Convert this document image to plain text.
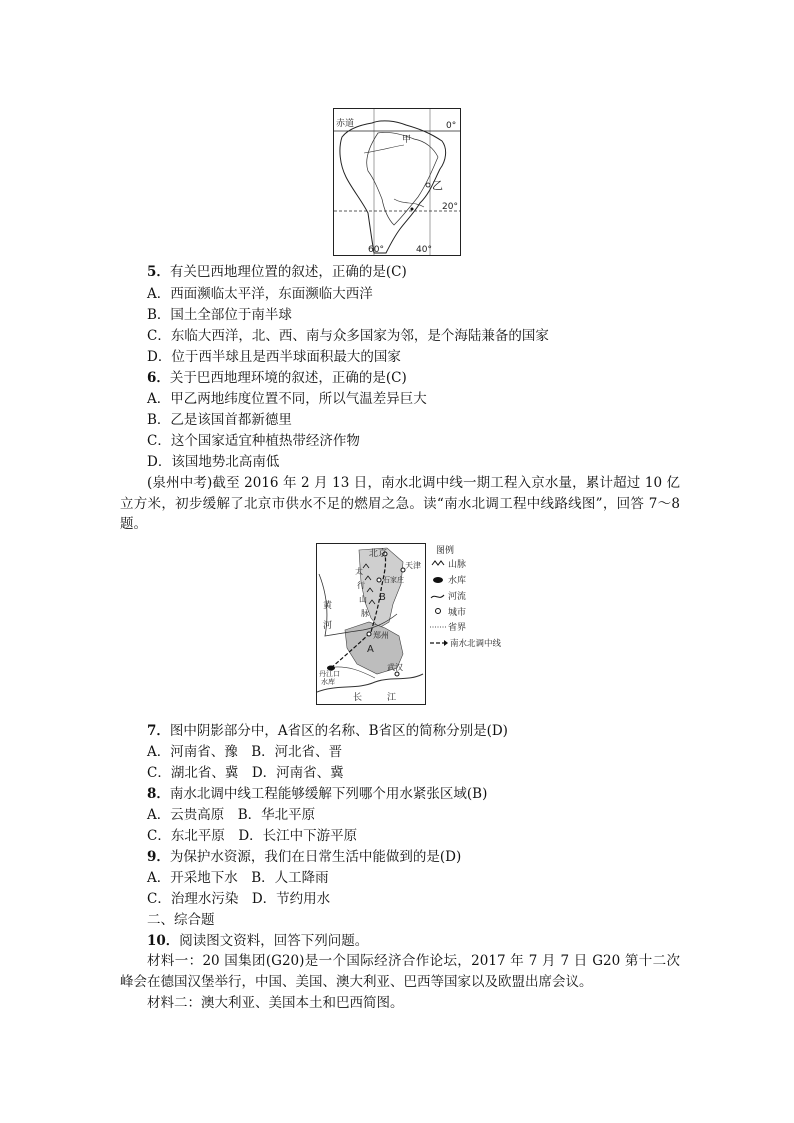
赤道	0°
甲
乙
20°
60°	40°
5．有关巴西地理位置的叙述，正确的是(C)
A．西面濒临太平洋，东面濒临大西洋
B．国土全部位于南半球
C．东临大西洋，北、西、南与众多国家为邻，是个海陆兼备的国家
D．位于西半球且是西半球面积最大的国家
6．关于巴西地理环境的叙述，正确的是(C)
A．甲乙两地纬度位置不同，所以气温差异巨大
B．乙是该国首都新德里
C．这个国家适宜种植热带经济作物
D．该国地势北高南低
(泉州中考)截至 2016 年 2 月 13 日，南水北调中线一期工程入京水量，累计超过 10 亿立方米，初步缓解了北京市供水不足的燃眉之急。读“南水北调工程中线路线图”，回答 7～8 题。
北京
天津
石家庄
太
行
山
脉
B
A
黄
河
郑州
武汉
丹江口
水库
长	江
图例
山脉
水库
河流
城市
省界
南水北调中线
7．图中阴影部分中，A省区的名称、B省区的简称分别是(D)
A．河南省、豫　B．河北省、晋
C．湖北省、冀　D．河南省、冀
8．南水北调中线工程能够缓解下列哪个用水紧张区域(B)
A．云贵高原　B．华北平原
C．东北平原　D．长江中下游平原
9．为保护水资源，我们在日常生活中能做到的是(D)
A．开采地下水　B．人工降雨
C．治理水污染　D．节约用水
二、综合题
10．阅读图文资料，回答下列问题。
材料一：20 国集团(G20)是一个国际经济合作论坛，2017 年 7 月 7 日 G20 第十二次峰会在德国汉堡举行，中国、美国、澳大利亚、巴西等国家以及欧盟出席会议。
材料二：澳大利亚、美国本土和巴西简图。
